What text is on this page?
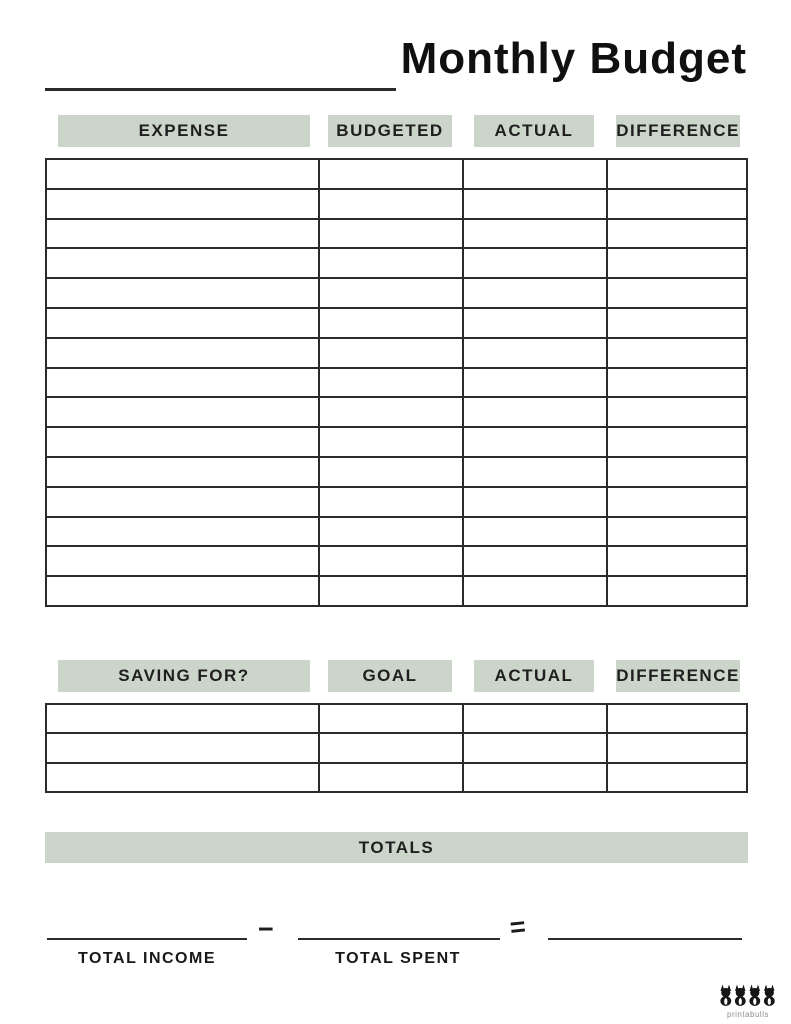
Monthly Budget
EXPENSE	BUDGETED	ACTUAL	DIFFERENCE

SAVING FOR?	GOAL	ACTUAL	DIFFERENCE

TOTALS
−	=
TOTAL INCOME	TOTAL SPENT
printabulls
